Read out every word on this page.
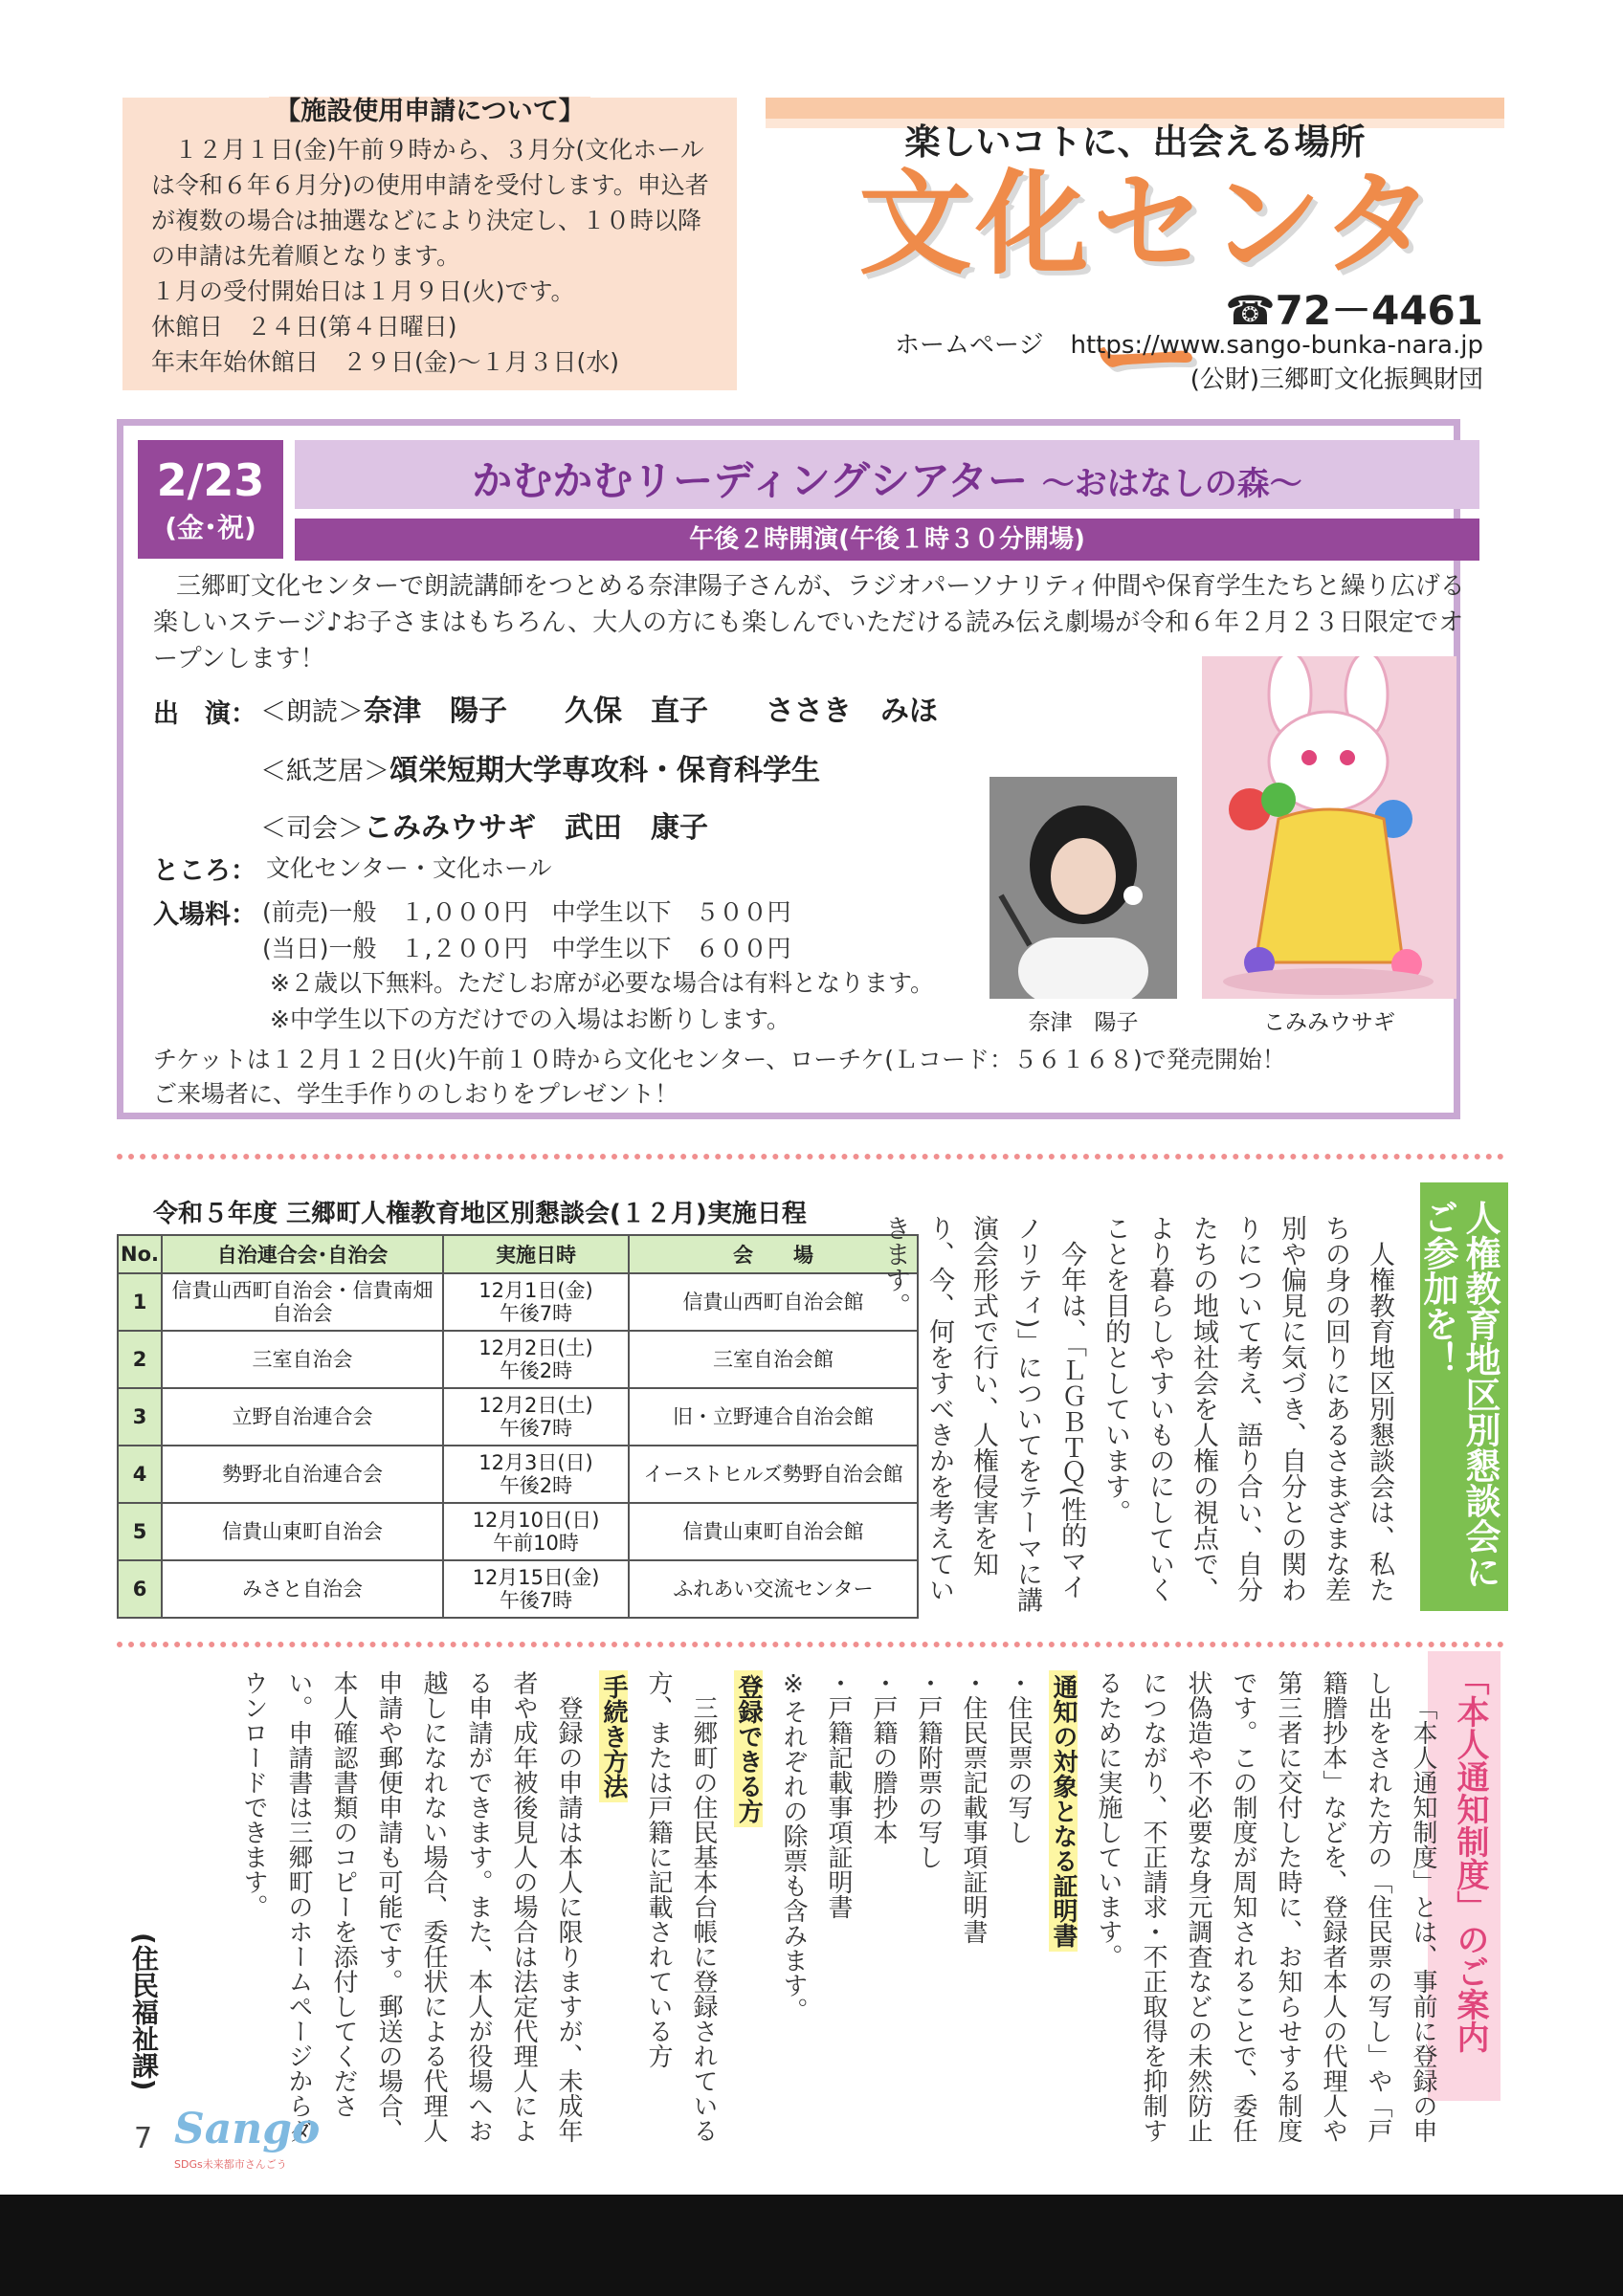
【施設使用申請について】

１２月１日(金)午前９時から、３月分(文化ホールは令和６年６月分)の使用申請を受付します。申込者が複数の場合は抽選などにより決定し、１０時以降の申請は先着順となります。

１月の受付開始日は１月９日(火)です。

休館日　２４日(第４日曜日)

年末年始休館日　２９日(金)～１月３日(水)

楽しいコトに、出会える場所
文化センター ☎72－4461
ホームページ https://www.sango-bunka-nara.jp
(公財)三郷町文化振興財団
2/23
(金･祝)
かむかむリーディングシアター ～おはなしの森～
午後２時開演(午後１時３０分開場)
三郷町文化センターで朗読講師をつとめる奈津陽子さんが、ラジオパーソナリティ仲間や保育学生たちと繰り広げる楽しいステージ♪お子さまはもちろん、大人の方にも楽しんでいただける読み伝え劇場が令和６年２月２３日限定でオープンします！
出　演： ＜朗読＞奈津　陽子　　久保　直子　　ささき　みほ
＜紙芝居＞頌栄短期大学専攻科・保育科学生
＜司会＞こみみウサギ　武田　康子
ところ： 文化センター・文化ホール
入場料： (前売)一般　１,０００円　中学生以下　５００円
(当日)一般　１,２００円　中学生以下　６００円
※２歳以下無料。ただしお席が必要な場合は有料となります。
※中学生以下の方だけでの入場はお断りします。	奈津　陽子	こみみウサギ
チケットは１２月１２日(火)午前１０時から文化センター、ローチケ(Ｌコード：５６１６８)で発売開始！
ご来場者に、学生手作りのしおりをプレゼント！
令和５年度 三郷町人権教育地区別懇談会(１２月)実施日程
No.	自治連合会･自治会	実施日時	会　　場
1	信貴山西町自治会・信貴南畑自治会	12月1日(金)
午後7時	信貴山西町自治会館
2	三室自治会	12月2日(土)
午後2時	三室自治会館
3	立野自治連合会	12月2日(土)
午後7時	旧・立野連合自治会館
4	勢野北自治連合会	12月3日(日)
午後2時	イーストヒルズ勢野自治会館
5	信貴山東町自治会	12月10日(日)
午前10時	信貴山東町自治会館
6	みさと自治会	12月15日(金)
午後7時	ふれあい交流センター	人権教育地区別懇談会にご参加を！

人権教育地区別懇談会は、私たちの身の回りにあるさまざまな差別や偏見に気づき、自分との関わりについて考え、語り合い、自分たちの地域社会を人権の視点で、より暮らしやすいものにしていくことを目的としています。

今年は、「ＬＧＢＴＱ(性的マイノリティ)」についてをテーマに講演会形式で行い、人権侵害を知り、今、何をすべきかを考えていきます。

「本人通知制度」のご案内

「本人通知制度」とは、事前に登録の申し出をされた方の「住民票の写し」や「戸籍謄抄本」などを、登録者本人の代理人や第三者に交付した時に、お知らせする制度です。この制度が周知されることで、委任状偽造や不必要な身元調査などの未然防止につながり、不正請求・不正取得を抑制するために実施しています。

通知の対象となる証明書

・住民票の写し

・住民票記載事項証明書

・戸籍附票の写し

・戸籍の謄抄本

・戸籍記載事項証明書

※それぞれの除票も含みます。

登録できる方

三郷町の住民基本台帳に登録されている方、または戸籍に記載されている方

手続き方法

登録の申請は本人に限りますが、未成年者や成年被後見人の場合は法定代理人による申請ができます。また、本人が役場へお越しになれない場合、委任状による代理人申請や郵便申請も可能です。郵送の場合、本人確認書類のコピーを添付してください。申請書は三郷町のホームページからダウンロードできます。

(住民福祉課)
7 Sango
SDGs未来都市さんごう
